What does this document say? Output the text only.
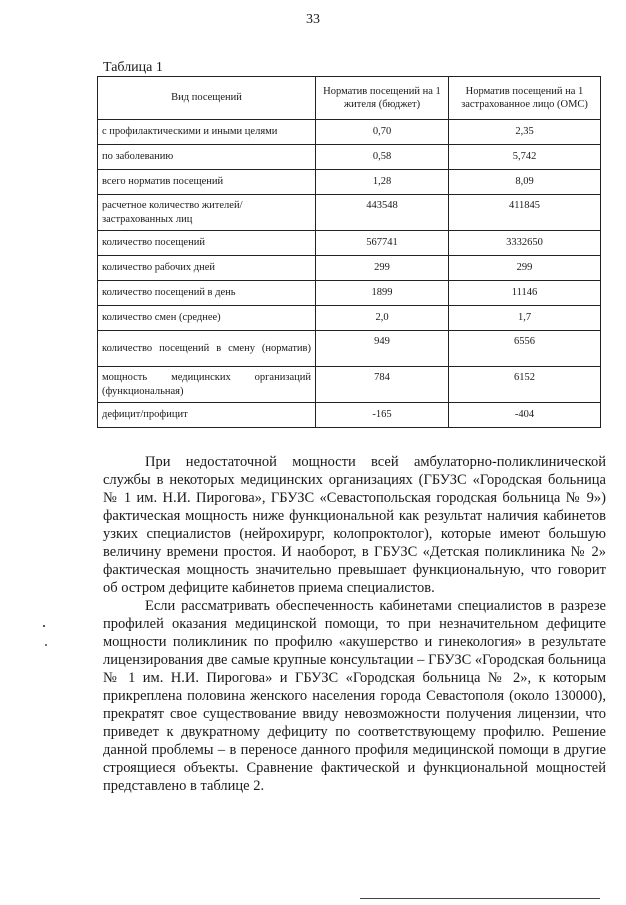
33
Таблица 1
Вид посещений	Норматив посещений на 1 жителя (бюджет)	Норматив посещений на 1 застрахованное лицо (ОМС)
с профилактическими и иными целями	0,70	2,35
по заболеванию	0,58	5,742
всего норматив посещений	1,28	8,09
расчетное количество жителей/застрахованных лиц	443548	411845
количество посещений	567741	3332650
количество рабочих дней	299	299
количество посещений в день	1899	11146
количество смен (среднее)	2,0	1,7
количество посещений в смену (норматив)	949	6556
мощность медицинских организаций (функциональная)	784	6152
дефицит/профицит	-165	-404

При недостаточной мощности всей амбулаторно-поликлинической службы в некоторых медицинских организациях (ГБУЗС «Городская больница № 1 им. Н.И. Пирогова», ГБУЗС «Севастопольская городская больница № 9») фактическая мощность ниже функциональной как результат наличия кабинетов узких специалистов (нейрохирург, колопроктолог), которые имеют большую величину времени простоя. И наоборот, в ГБУЗС «Детская поликлиника № 2» фактическая мощность значительно превышает функциональную, что говорит об остром дефиците кабинетов приема специалистов.

Если рассматривать обеспеченность кабинетами специалистов в разрезе профилей оказания медицинской помощи, то при незначительном дефиците мощности поликлиник по профилю «акушерство и гинекология» в результате лицензирования две самые крупные консультации – ГБУЗС «Городская больница № 1 им. Н.И. Пирогова» и ГБУЗС «Городская больница № 2», к которым прикреплена половина женского населения города Севастополя (около 130000), прекратят свое существование ввиду невозможности получения лицензии, что приведет к двукратному дефициту по соответствующему профилю. Решение данной проблемы – в переносе данного профиля медицинской помощи в другие строящиеся объекты. Сравнение фактической и функциональной мощностей представлено в таблице 2.
